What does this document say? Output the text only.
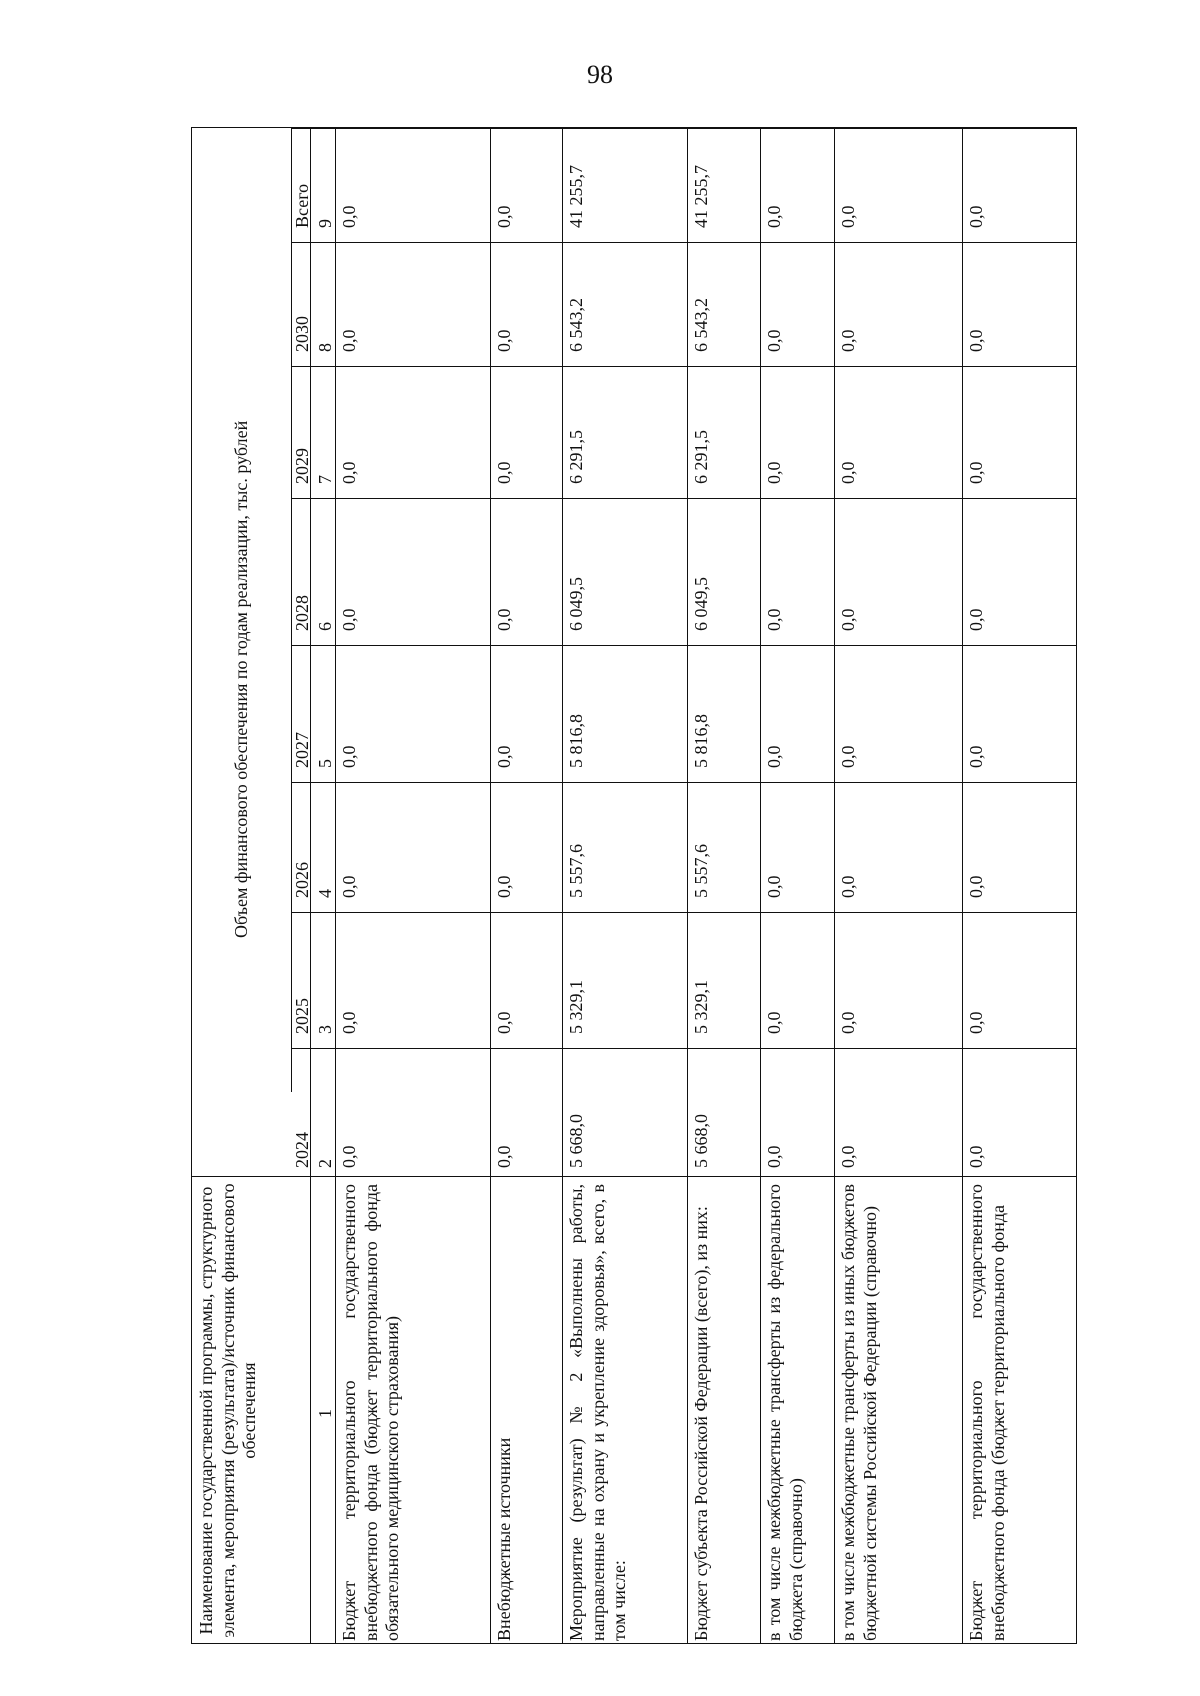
98
Наименование государственной программы, структурного элемента, мероприятия (результата)/источник финансового обеспечения
Объем финансового обеспечения по годам реализации, тыс. рублей
2024
2025
2026
2027
2028
2029
2030
Всего
1
2
3
4
5
6
7
8
9
Бюджет территориального государственного внебюджетного фонда (бюджет территориального фонда обязательного медицинского страхования)
0,0
0,0
0,0
0,0
0,0
0,0
0,0
0,0
Внебюджетные источники
0,0
0,0
0,0
0,0
0,0
0,0
0,0
0,0
Мероприятие (результат) № 2 «Выполнены работы, направленные на охрану и укрепление здоровья», всего, в том числе:
5 668,0
5 329,1
5 557,6
5 816,8
6 049,5
6 291,5
6 543,2
41 255,7
Бюджет субъекта Российской Федерации (всего), из них:
5 668,0
5 329,1
5 557,6
5 816,8
6 049,5
6 291,5
6 543,2
41 255,7
в том числе межбюджетные трансферты из федерального бюджета (справочно)
0,0
0,0
0,0
0,0
0,0
0,0
0,0
0,0
в том числе межбюджетные трансферты из иных бюджетов бюджетной системы Российской Федерации (справочно)
0,0
0,0
0,0
0,0
0,0
0,0
0,0
0,0
Бюджет территориального государственного внебюджетного фонда (бюджет территориального фонда
0,0
0,0
0,0
0,0
0,0
0,0
0,0
0,0
